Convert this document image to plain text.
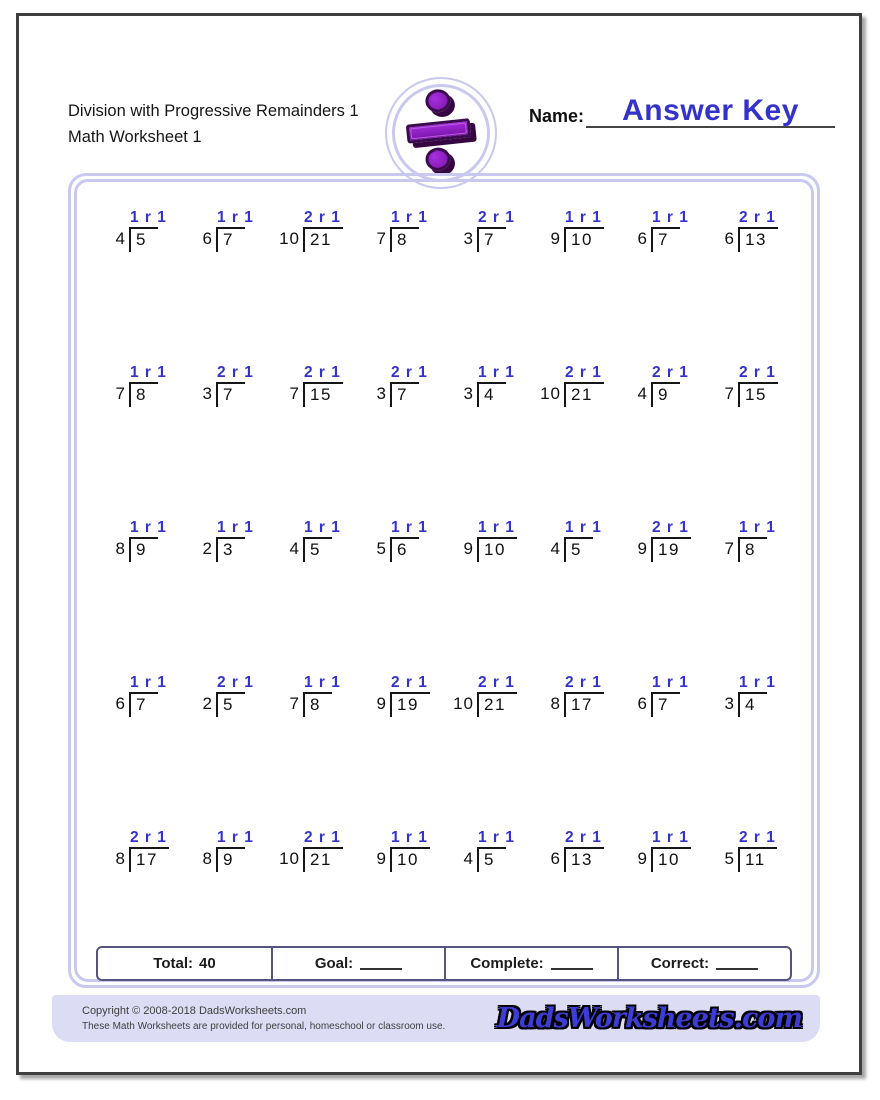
Division with Progressive Remainders 1
Math Worksheet 1
Name:	Answer Key
1 r 1
4 5
1 r 1
6 7
2 r 1
10 21
1 r 1
7 8
2 r 1
3 7
1 r 1
9 10
1 r 1
6 7
2 r 1
6 13
1 r 1
7 8
2 r 1
3 7
2 r 1
7 15
2 r 1
3 7
1 r 1
3 4
2 r 1
10 21
2 r 1
4 9
2 r 1
7 15
1 r 1
8 9
1 r 1
2 3
1 r 1
4 5
1 r 1
5 6
1 r 1
9 10
1 r 1
4 5
2 r 1
9 19
1 r 1
7 8
1 r 1
6 7
2 r 1
2 5
1 r 1
7 8
2 r 1
9 19
2 r 1
10 21
2 r 1
8 17
1 r 1
6 7
1 r 1
3 4
2 r 1
8 17
1 r 1
8 9
2 r 1
10 21
1 r 1
9 10
1 r 1
4 5
2 r 1
6 13
1 r 1
9 10
2 r 1
5 11
Total: 40	Goal:	Complete:	Correct:
Copyright © 2008-2018 DadsWorksheets.com
These Math Worksheets are provided for personal, homeschool or classroom use. DadsWorksheets.com
